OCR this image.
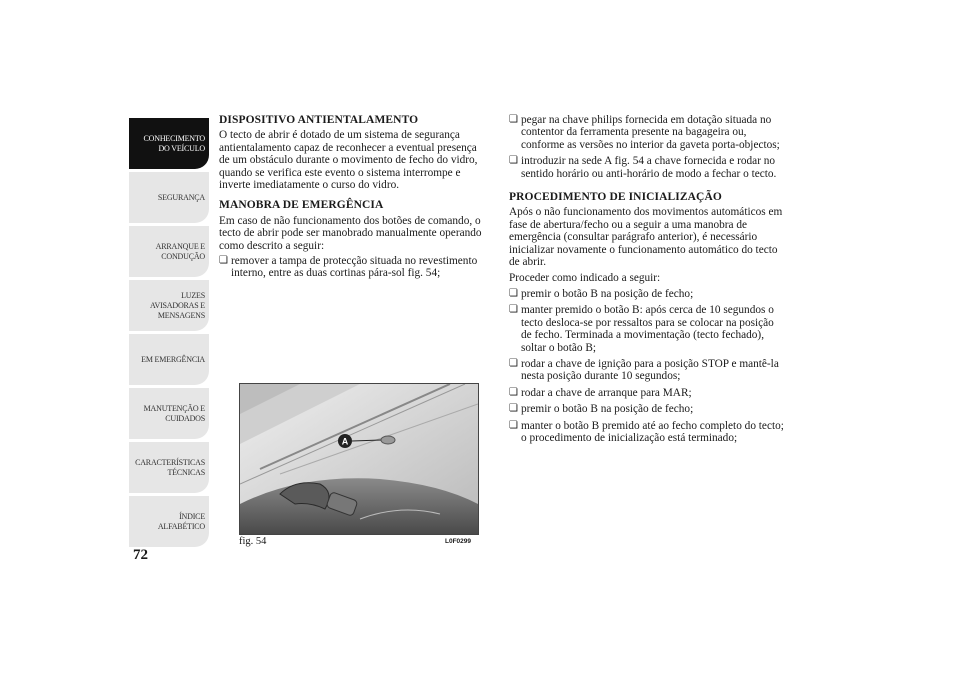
CONHECIMENTO
DO VEÍCULO
SEGURANÇA
ARRANQUE E
CONDUÇÃO
LUZES
AVISADORAS E
MENSAGENS
EM EMERGÊNCIA
MANUTENÇÃO E
CUIDADOS
CARACTERÍSTICAS
TÉCNICAS
ÍNDICE
ALFABÉTICO
72
DISPOSITIVO ANTIENTALAMENTO

O tecto de abrir é dotado de um sistema de segurança antientalamento capaz de reconhecer a eventual presença de um obstáculo durante o movimento de fecho do vidro, quando se verifica este evento o sistema interrompe e inverte imediatamente o curso do vidro.

MANOBRA DE EMERGÊNCIA

Em caso de não funcionamento dos botões de comando, o tecto de abrir pode ser manobrado manualmente operando como descrito a seguir:

❏ remover a tampa de protecção situada no revestimento interno, entre as duas cortinas pára-sol fig. 54;
A
fig. 54	L0F0299
❏ pegar na chave philips fornecida em dotação situada no contentor da ferramenta presente na bagageira ou, conforme as versões no interior da gaveta porta-objectos;
❏ introduzir na sede A fig. 54 a chave fornecida e rodar no sentido horário ou anti-horário de modo a fechar o tecto.
PROCEDIMENTO DE INICIALIZAÇÃO

Após o não funcionamento dos movimentos automáticos em fase de abertura/fecho ou a seguir a uma manobra de emergência (consultar parágrafo anterior), é necessário inicializar novamente o funcionamento automático do tecto de abrir.

Proceder como indicado a seguir:

❏ premir o botão B na posição de fecho;
❏ manter premido o botão B: após cerca de 10 segundos o tecto desloca-se por ressaltos para se colocar na posição de fecho. Terminada a movimentação (tecto fechado), soltar o botão B;
❏ rodar a chave de ignição para a posição STOP e mantê-la nesta posição durante 10 segundos;
❏ rodar a chave de arranque para MAR;
❏ premir o botão B na posição de fecho;
❏ manter o botão B premido até ao fecho completo do tecto; o procedimento de inicialização está terminado;
